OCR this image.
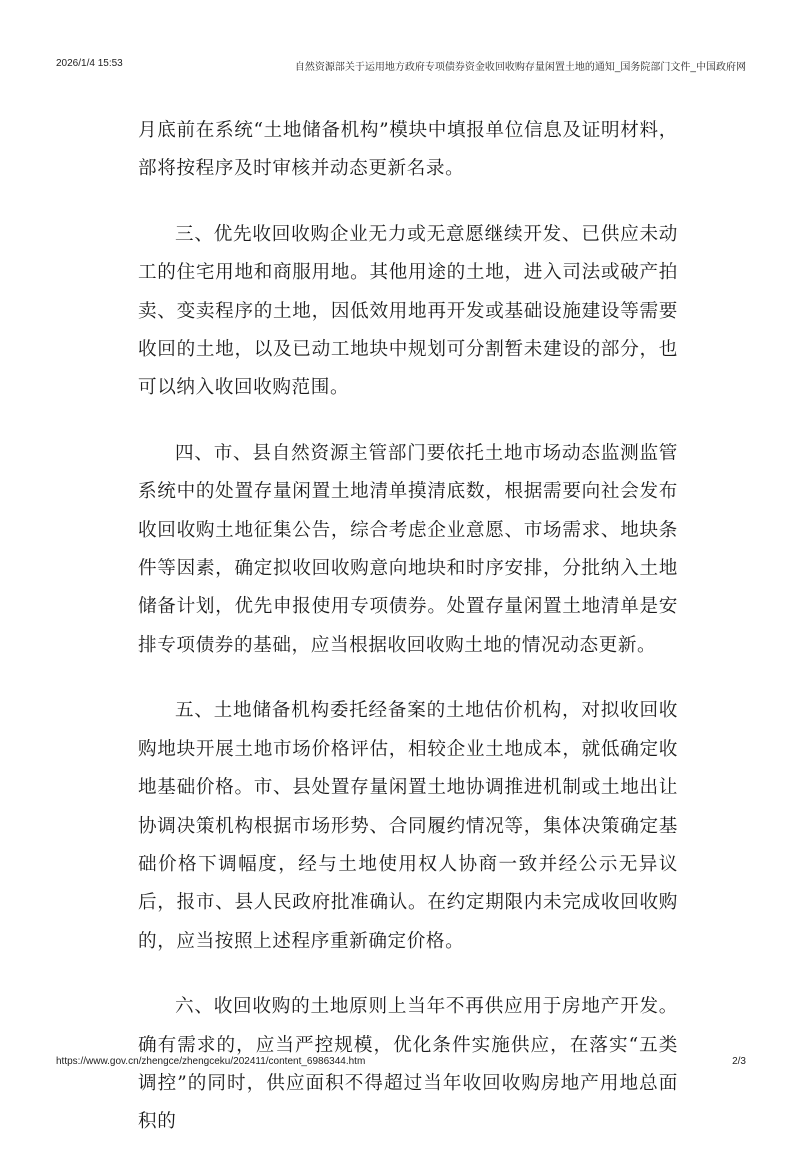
2026/1/4 15:53	自然资源部关于运用地方政府专项债券资金收回收购存量闲置土地的通知_国务院部门文件_中国政府网

月底前在系统“土地储备机构”模块中填报单位信息及证明材料，部将按程序及时审核并动态更新名录。

三、优先收回收购企业无力或无意愿继续开发、已供应未动工的住宅用地和商服用地。其他用途的土地，进入司法或破产拍卖、变卖程序的土地，因低效用地再开发或基础设施建设等需要收回的土地，以及已动工地块中规划可分割暂未建设的部分，也可以纳入收回收购范围。

四、市、县自然资源主管部门要依托土地市场动态监测监管系统中的处置存量闲置土地清单摸清底数，根据需要向社会发布收回收购土地征集公告，综合考虑企业意愿、市场需求、地块条件等因素，确定拟收回收购意向地块和时序安排，分批纳入土地储备计划，优先申报使用专项债券。处置存量闲置土地清单是安排专项债券的基础，应当根据收回收购土地的情况动态更新。

五、土地储备机构委托经备案的土地估价机构，对拟收回收购地块开展土地市场价格评估，相较企业土地成本，就低确定收地基础价格。市、县处置存量闲置土地协调推进机制或土地出让协调决策机构根据市场形势、合同履约情况等，集体决策确定基础价格下调幅度，经与土地使用权人协商一致并经公示无异议后，报市、县人民政府批准确认。在约定期限内未完成收回收购的，应当按照上述程序重新确定价格。

六、收回收购的土地原则上当年不再供应用于房地产开发。确有需求的，应当严控规模，优化条件实施供应，在落实“五类调控”的同时，供应面积不得超过当年收回收购房地产用地总面积的

https://www.gov.cn/zhengce/zhengceku/202411/content_6986344.htm	2/3
